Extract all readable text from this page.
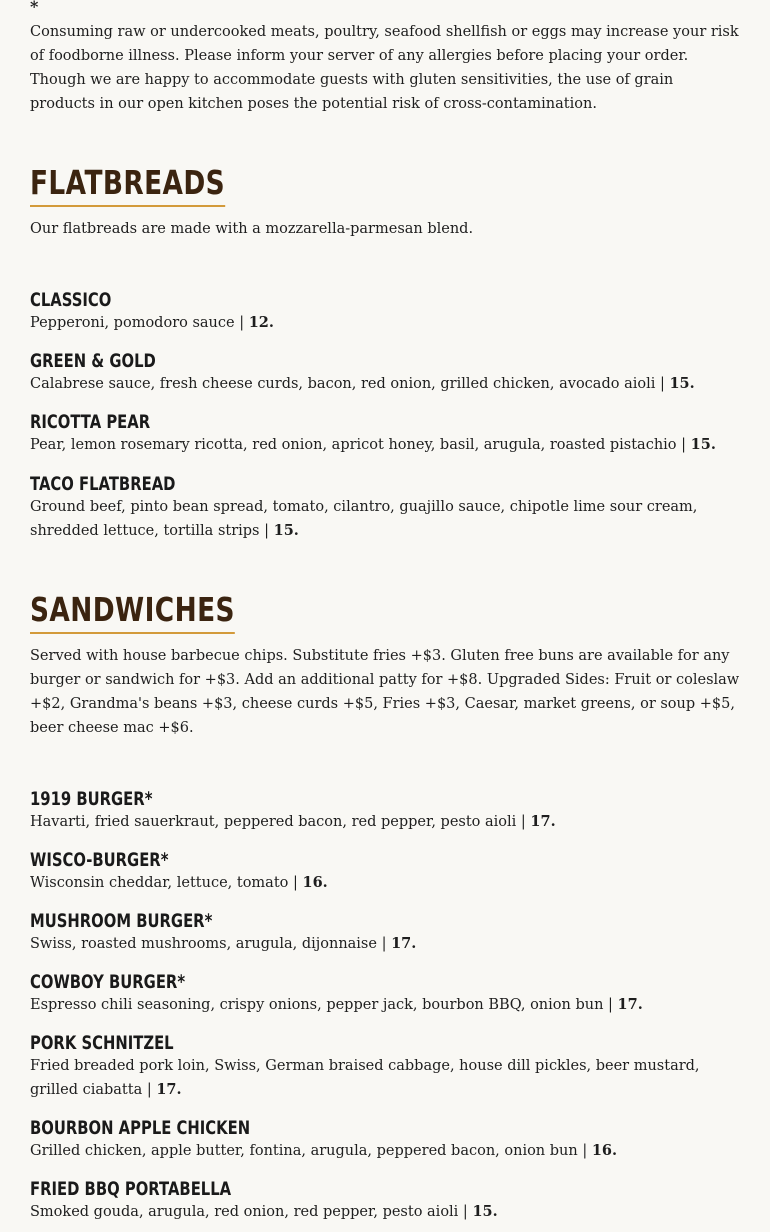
*

Consuming raw or undercooked meats, poultry, seafood shellfish or eggs may increase your risk of foodborne illness. Please inform your server of any allergies before placing your order. Though we are happy to accommodate guests with gluten sensitivities, the use of grain products in our open kitchen poses the potential risk of cross-contamination.

FLATBREADS

Our flatbreads are made with a mozzarella-parmesan blend.

CLASSICO
Pepperoni, pomodoro sauce | 12.
GREEN & GOLD
Calabrese sauce, fresh cheese curds, bacon, red onion, grilled chicken, avocado aioli | 15.
RICOTTA PEAR
Pear, lemon rosemary ricotta, red onion, apricot honey, basil, arugula, roasted pistachio | 15.
TACO FLATBREAD
Ground beef, pinto bean spread, tomato, cilantro, guajillo sauce, chipotle lime sour cream, shredded lettuce, tortilla strips | 15.
SANDWICHES

Served with house barbecue chips. Substitute fries +$3. Gluten free buns are available for any burger or sandwich for +$3. Add an additional patty for +$8. Upgraded Sides: Fruit or coleslaw +$2, Grandma's beans +$3, cheese curds +$5, Fries +$3, Caesar, market greens, or soup +$5, beer cheese mac +$6.

1919 BURGER*
Havarti, fried sauerkraut, peppered bacon, red pepper, pesto aioli | 17.
WISCO-BURGER*
Wisconsin cheddar, lettuce, tomato | 16.
MUSHROOM BURGER*
Swiss, roasted mushrooms, arugula, dijonnaise | 17.
COWBOY BURGER*
Espresso chili seasoning, crispy onions, pepper jack, bourbon BBQ, onion bun | 17.
PORK SCHNITZEL
Fried breaded pork loin, Swiss, German braised cabbage, house dill pickles, beer mustard, grilled ciabatta | 17.
BOURBON APPLE CHICKEN
Grilled chicken, apple butter, fontina, arugula, peppered bacon, onion bun | 16.
FRIED BBQ PORTABELLA
Smoked gouda, arugula, red onion, red pepper, pesto aioli | 15.
